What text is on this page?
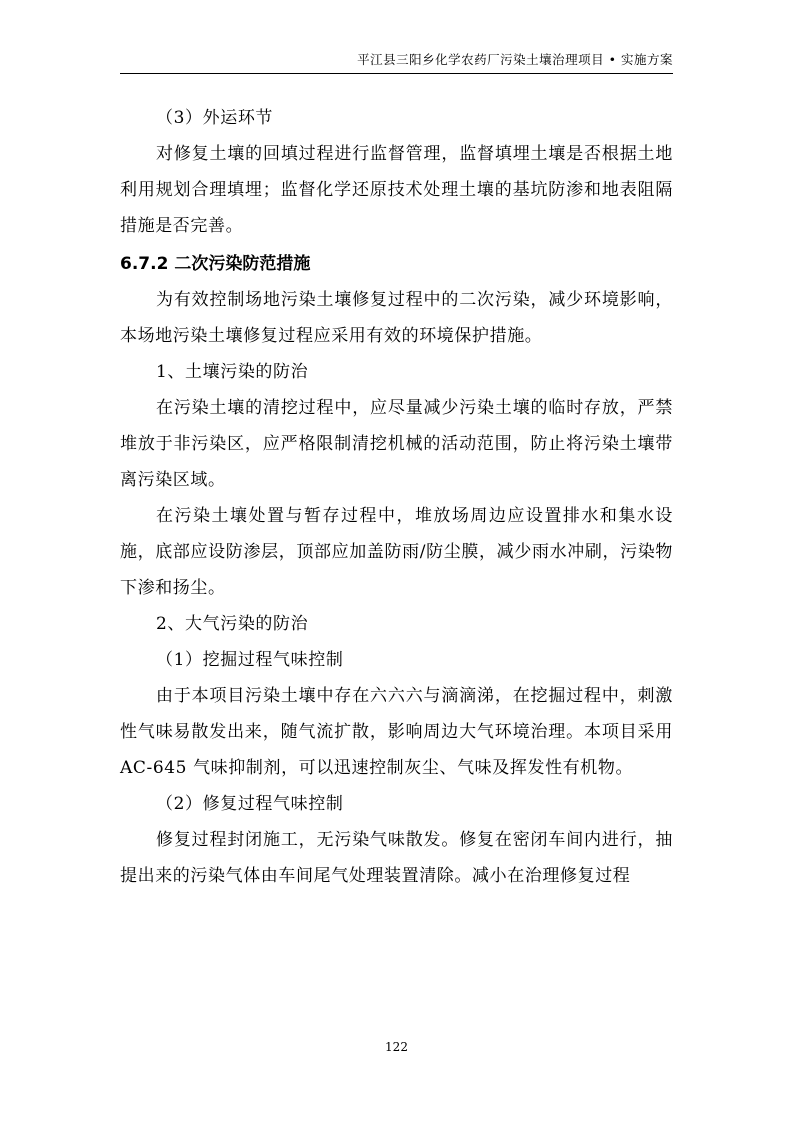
平江县三阳乡化学农药厂污染土壤治理项目 • 实施方案

（3）外运环节

对修复土壤的回填过程进行监督管理，监督填埋土壤是否根据土地利用规划合理填埋；监督化学还原技术处理土壤的基坑防渗和地表阻隔措施是否完善。

6.7.2 二次污染防范措施

为有效控制场地污染土壤修复过程中的二次污染，减少环境影响，本场地污染土壤修复过程应采用有效的环境保护措施。

1、土壤污染的防治

在污染土壤的清挖过程中，应尽量减少污染土壤的临时存放，严禁堆放于非污染区，应严格限制清挖机械的活动范围，防止将污染土壤带离污染区域。

在污染土壤处置与暂存过程中，堆放场周边应设置排水和集水设施，底部应设防渗层，顶部应加盖防雨/防尘膜，减少雨水冲刷，污染物下渗和扬尘。

2、大气污染的防治

（1）挖掘过程气味控制

由于本项目污染土壤中存在六六六与滴滴涕，在挖掘过程中，刺激性气味易散发出来，随气流扩散，影响周边大气环境治理。本项目采用 AC-645 气味抑制剂，可以迅速控制灰尘、气味及挥发性有机物。

（2）修复过程气味控制

修复过程封闭施工，无污染气味散发。修复在密闭车间内进行，抽提出来的污染气体由车间尾气处理装置清除。减小在治理修复过程

122
